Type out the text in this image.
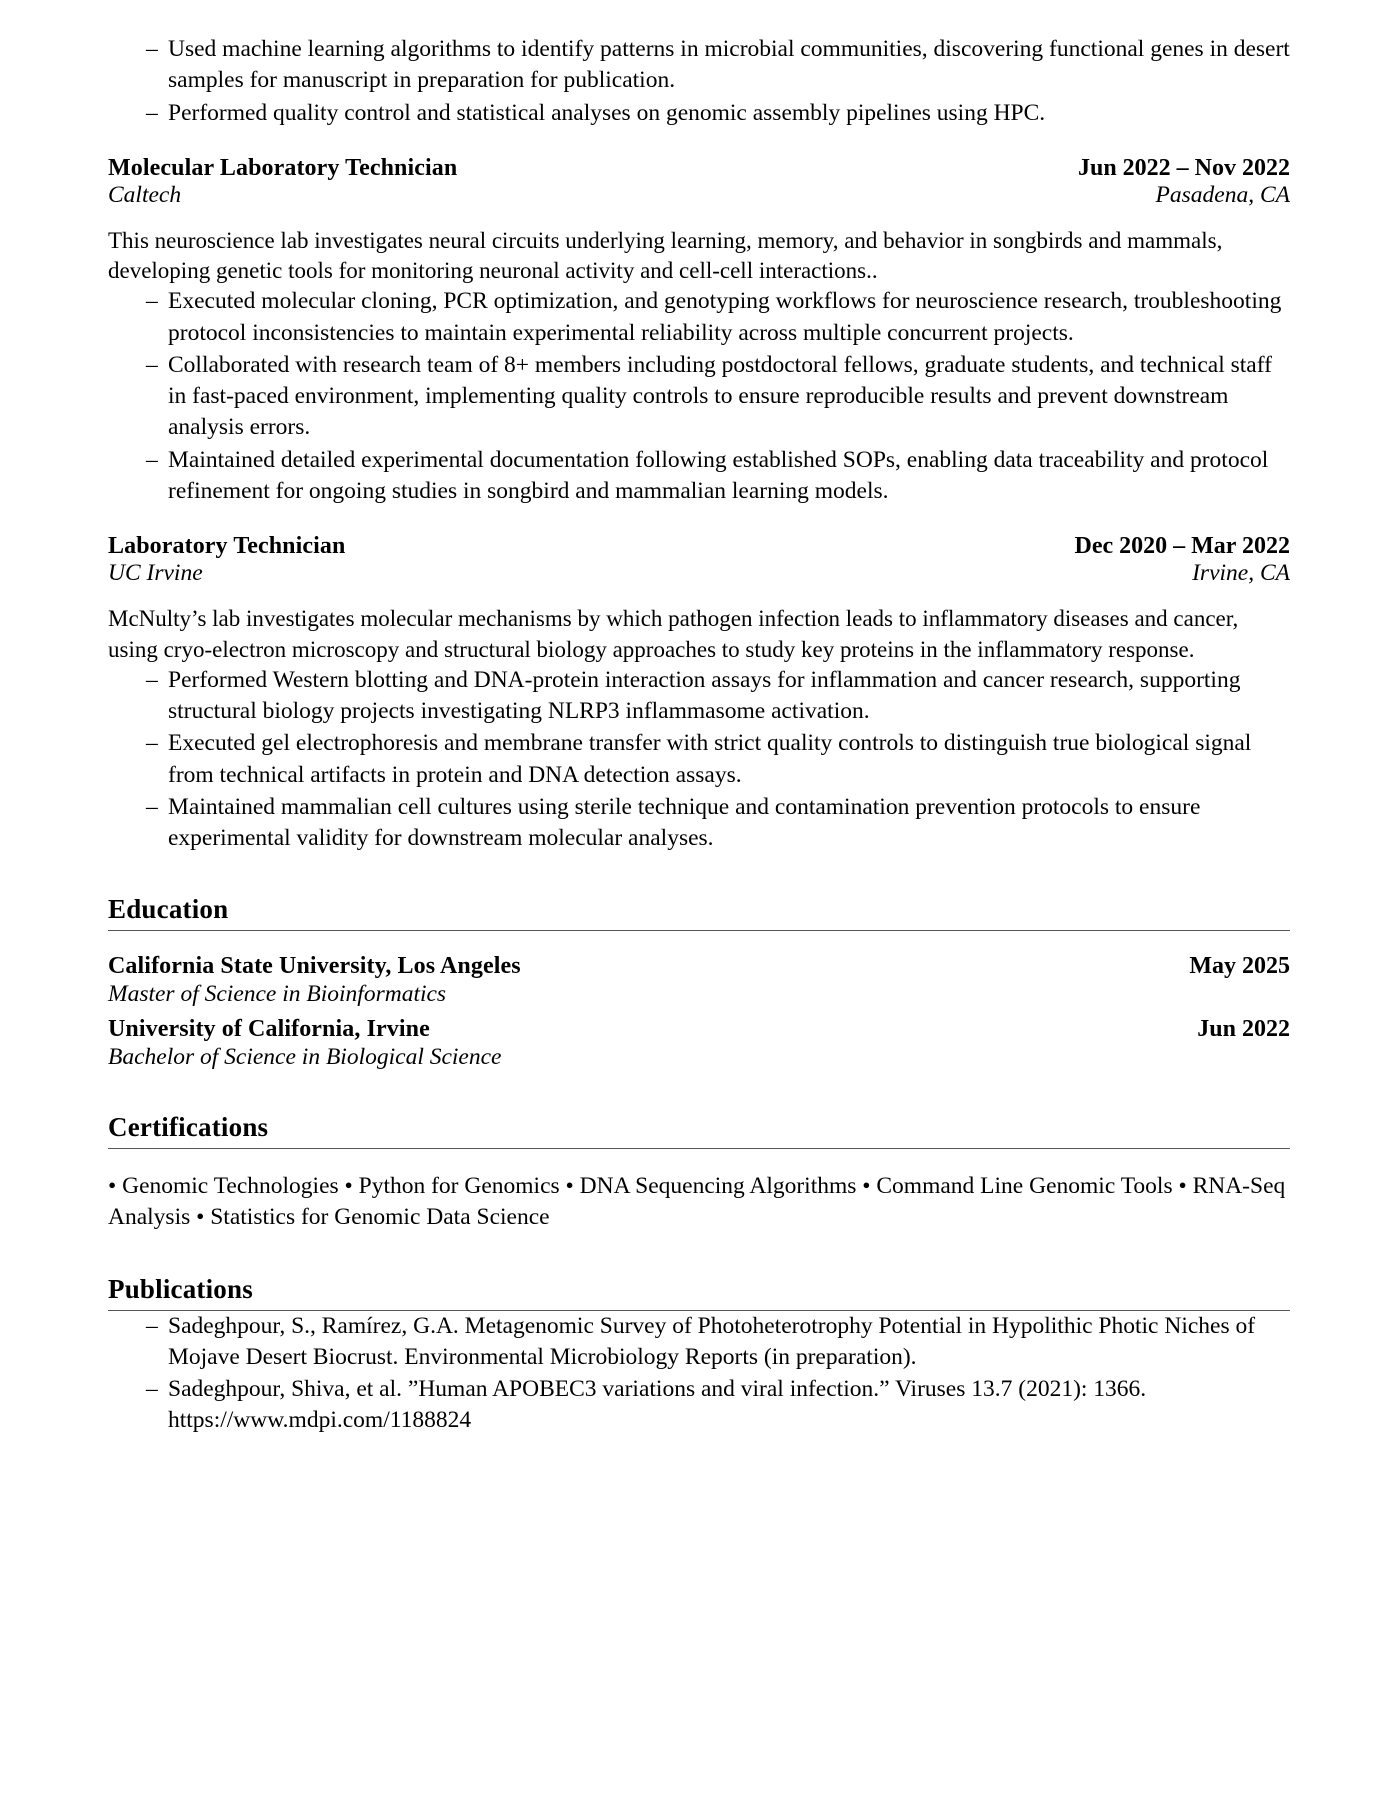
– Used machine learning algorithms to identify patterns in microbial communities, discovering functional genes in desert samples for manuscript in preparation for publication.
– Performed quality control and statistical analyses on genomic assembly pipelines using HPC.
Molecular Laboratory Technician	Jun 2022 – Nov 2022
Caltech	Pasadena, CA
This neuroscience lab investigates neural circuits underlying learning, memory, and behavior in songbirds and mammals, developing genetic tools for monitoring neuronal activity and cell-cell interactions..
– Executed molecular cloning, PCR optimization, and genotyping workflows for neuroscience research, troubleshooting protocol inconsistencies to maintain experimental reliability across multiple concurrent projects.
– Collaborated with research team of 8+ members including postdoctoral fellows, graduate students, and technical staff in fast-paced environment, implementing quality controls to ensure reproducible results and prevent downstream analysis errors.
– Maintained detailed experimental documentation following established SOPs, enabling data traceability and protocol refinement for ongoing studies in songbird and mammalian learning models.
Laboratory Technician	Dec 2020 – Mar 2022
UC Irvine	Irvine, CA
McNulty’s lab investigates molecular mechanisms by which pathogen infection leads to inflammatory diseases and cancer, using cryo-electron microscopy and structural biology approaches to study key proteins in the inflammatory response.
– Performed Western blotting and DNA-protein interaction assays for inflammation and cancer research, supporting structural biology projects investigating NLRP3 inflammasome activation.
– Executed gel electrophoresis and membrane transfer with strict quality controls to distinguish true biological signal from technical artifacts in protein and DNA detection assays.
– Maintained mammalian cell cultures using sterile technique and contamination prevention protocols to ensure experimental validity for downstream molecular analyses.
Education
California State University, Los Angeles	May 2025
Master of Science in Bioinformatics
University of California, Irvine	Jun 2022
Bachelor of Science in Biological Science
Certifications
• Genomic Technologies • Python for Genomics • DNA Sequencing Algorithms • Command Line Genomic Tools • RNA-Seq Analysis • Statistics for Genomic Data Science
Publications
– Sadeghpour, S., Ramírez, G.A. Metagenomic Survey of Photoheterotrophy Potential in Hypolithic Photic Niches of Mojave Desert Biocrust. Environmental Microbiology Reports (in preparation).
– Sadeghpour, Shiva, et al. ”Human APOBEC3 variations and viral infection.” Viruses 13.7 (2021): 1366. https://www.mdpi.com/1188824
